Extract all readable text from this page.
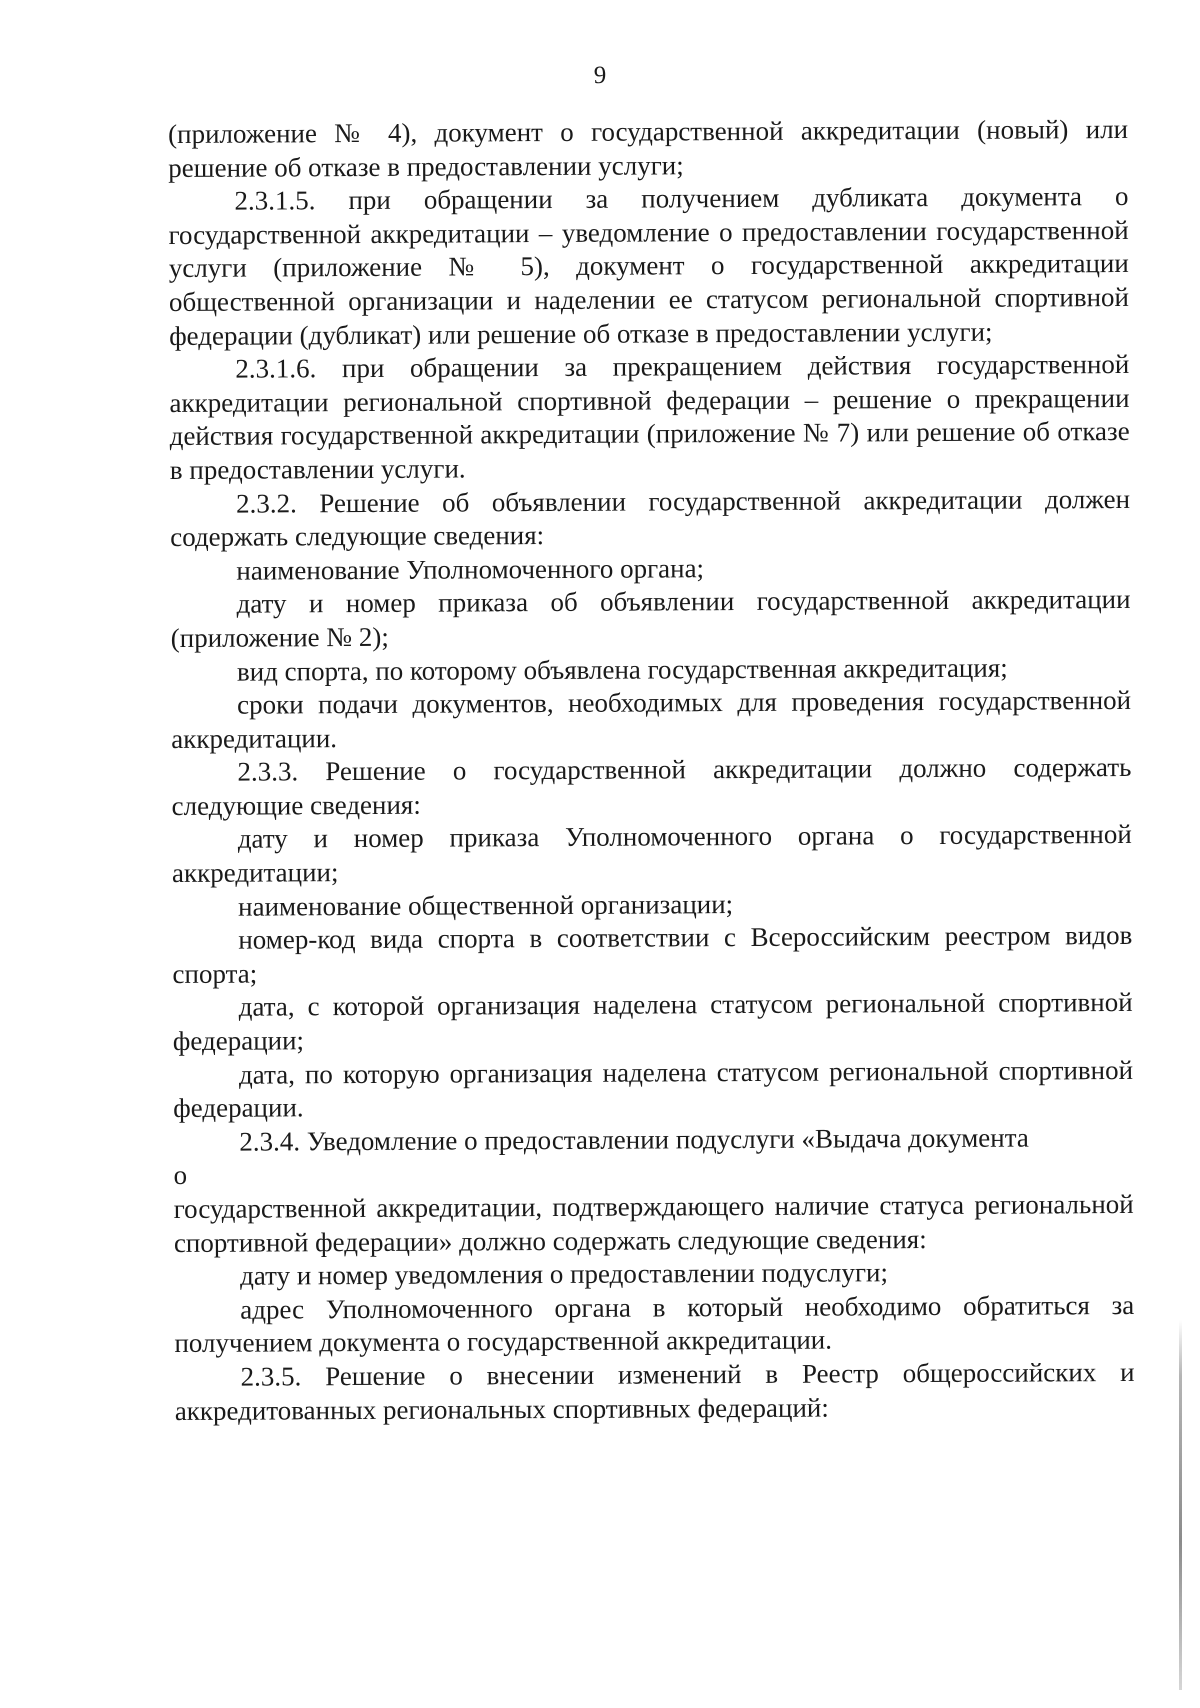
9

(приложение № 4), документ о государственной аккредитации (новый) или решение об отказе в предоставлении услуги;

2.3.1.5. при обращении за получением дубликата документа о государственной аккредитации – уведомление о предоставлении государственной услуги (приложение № 5), документ о государственной аккредитации общественной организации и наделении ее статусом региональной спортивной федерации (дубликат) или решение об отказе в предоставлении услуги;

2.3.1.6. при обращении за прекращением действия государственной аккредитации региональной спортивной федерации – решение о прекращении действия государственной аккредитации (приложение № 7) или решение об отказе в предоставлении услуги.

2.3.2. Решение об объявлении государственной аккредитации должен содержать следующие сведения:

наименование Уполномоченного органа;

дату и номер приказа об объявлении государственной аккредитации (приложение № 2);

вид спорта, по которому объявлена государственная аккредитация;

сроки подачи документов, необходимых для проведения государственной аккредитации.

2.3.3. Решение о государственной аккредитации должно содержать следующие сведения:

дату и номер приказа Уполномоченного органа о государственной аккредитации;

наименование общественной организации;

номер-код вида спорта в соответствии с Всероссийским реестром видов спорта;

дата, с которой организация наделена статусом региональной спортивной федерации;

дата, по которую организация наделена статусом региональной спортивной федерации.

2.3.4. Уведомление о предоставлении подуслуги «Выдача документа

о

государственной аккредитации, подтверждающего наличие статуса региональной спортивной федерации» должно содержать следующие сведения:

дату и номер уведомления о предоставлении подуслуги;

адрес Уполномоченного органа в который необходимо обратиться за получением документа о государственной аккредитации.

2.3.5. Решение о внесении изменений в Реестр общероссийских и аккредитованных региональных спортивных федераций:
